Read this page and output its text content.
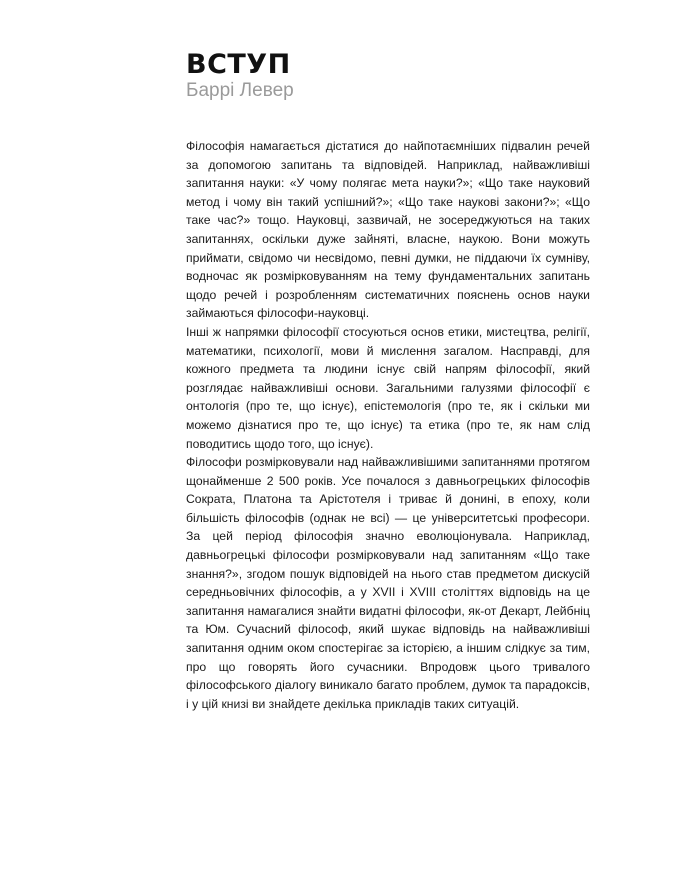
ВСТУП
Баррі Левер

Філософія намагається дістатися до найпотаємніших підвалин речей за допомогою запитань та відповідей. Наприклад, найважливіші запитання науки: «У чому полягає мета науки?»; «Що таке науковий метод і чому він такий успішний?»; «Що таке наукові закони?»; «Що таке час?» тощо. Науковці, зазвичай, не зосереджуються на таких запитаннях, оскільки дуже зайняті, власне, наукою. Вони можуть приймати, свідомо чи несвідомо, певні думки, не піддаючи їх сумніву, водночас як розмірковуванням на тему фундаментальних запитань щодо речей і розробленням систематичних пояснень основ науки займаються філософи-науковці.

Інші ж напрямки філософії стосуються основ етики, мистецтва, релігії, математики, психології, мови й мислення загалом. Насправді, для кожного предмета та людини існує свій напрям філософії, який розглядає найважливіші основи. Загальними галузями філософії є онтологія (про те, що існує), епістемологія (про те, як і скільки ми можемо дізнатися про те, що існує) та етика (про те, як нам слід поводитись щодо того, що існує).

Філософи розмірковували над найважливішими запитаннями протягом щонайменше 2 500 років. Усе почалося з давньогрецьких філософів Сократа, Платона та Арістотеля і триває й донині, в епоху, коли більшість філософів (однак не всі) — це університетські професори. За цей період філософія значно еволюціонувала. Наприклад, давньогрецькі філософи розмірковували над запитанням «Що таке знання?», згодом пошук відповідей на нього став предметом дискусій середньовічних філософів, а у XVII і XVIII століттях відповідь на це запитання намагалися знайти видатні філософи, як-от Декарт, Лейбніц та Юм. Сучасний філософ, який шукає відповідь на найважливіші запитання одним оком спостерігає за історією, а іншим слідкує за тим, про що говорять його сучасники. Впродовж цього тривалого філософського діалогу виникало багато проблем, думок та парадоксів, і у цій книзі ви знайдете декілька прикладів таких ситуацій.
